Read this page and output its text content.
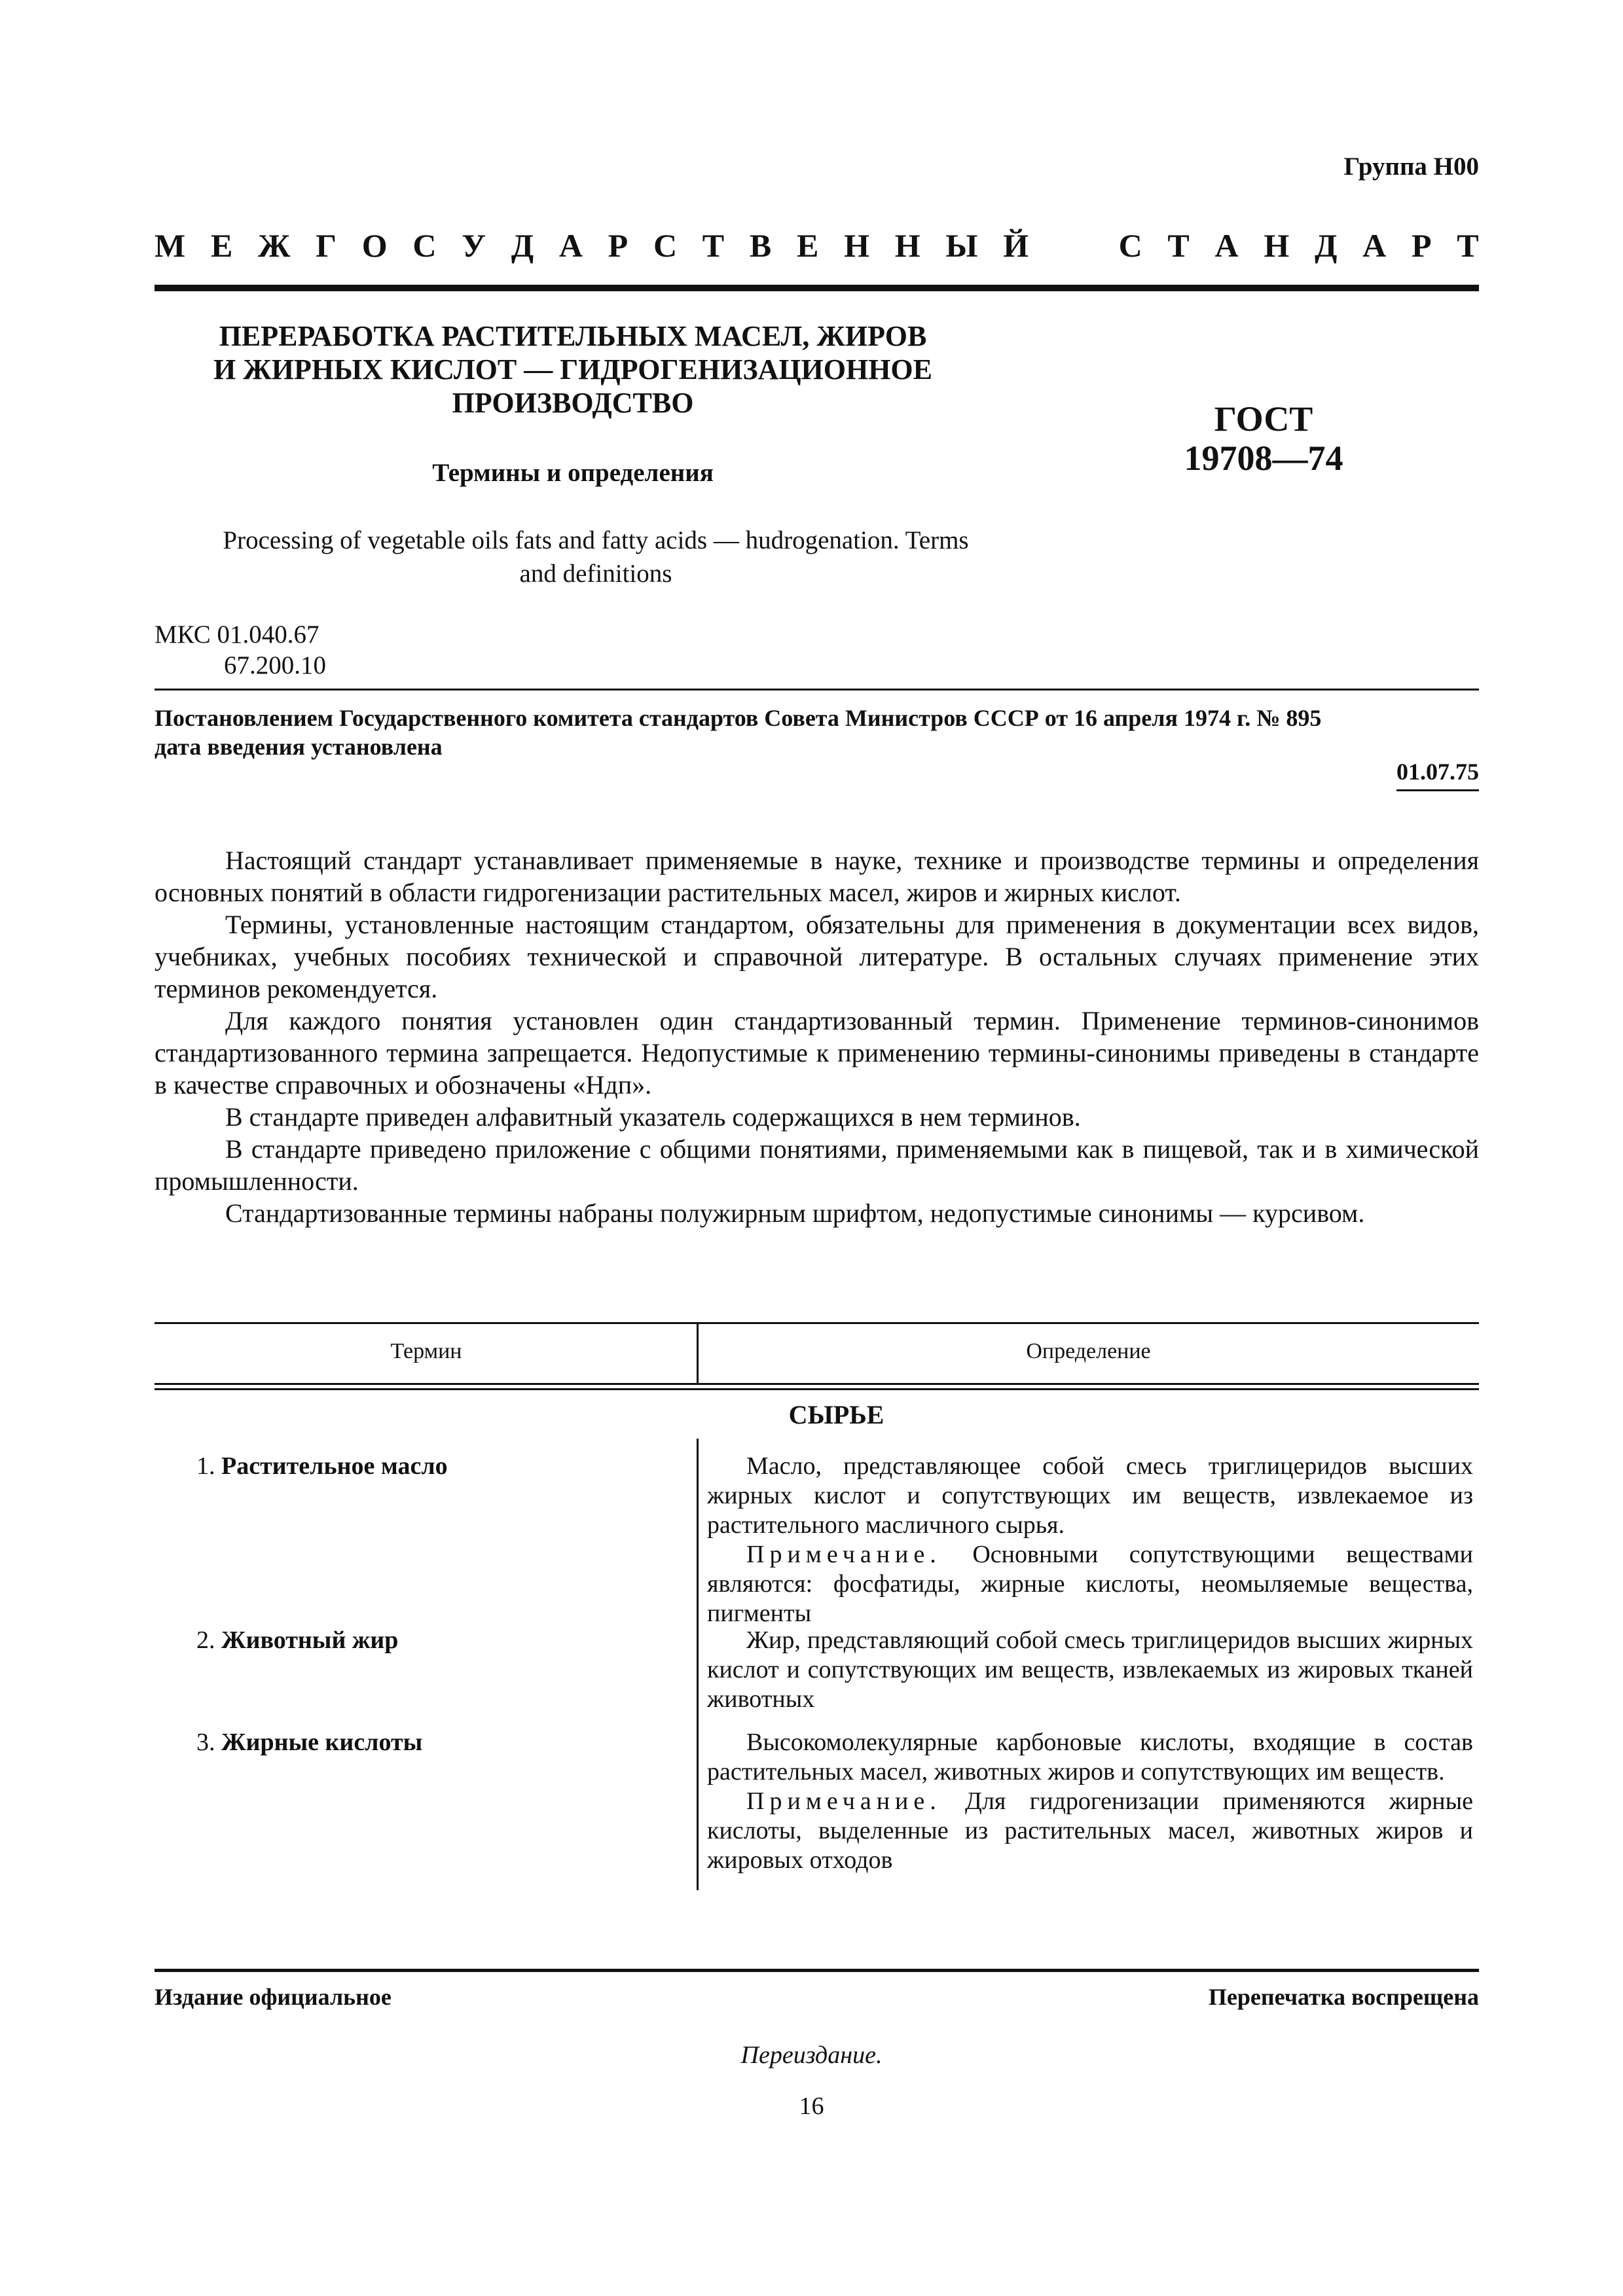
Группа Н00
М Е Ж Г О С У Д А Р С Т В Е Н Н Ы Й	С Т А Н Д А Р Т
ПЕРЕРАБОТКА РАСТИТЕЛЬНЫХ МАСЕЛ, ЖИРОВ
И ЖИРНЫХ КИСЛОТ — ГИДРОГЕНИЗАЦИОННОЕ
ПРОИЗВОДСТВО
Термины и определения
ГОСТ
19708—74
Processing of vegetable oils fats and fatty acids — hudrogenation. Terms
and definitions
МКС 01.040.67
67.200.10
Постановлением Государственного комитета стандартов Совета Министров СССР от 16 апреля 1974 г. № 895
дата введения установлена
01.07.75

Настоящий стандарт устанавливает применяемые в науке, технике и производстве термины и определения основных понятий в области гидрогенизации растительных масел, жиров и жирных кислот.

Термины, установленные настоящим стандартом, обязательны для применения в документации всех видов, учебниках, учебных пособиях технической и справочной литературе. В остальных случаях применение этих терминов рекомендуется.

Для каждого понятия установлен один стандартизованный термин. Применение терминов-синонимов стандартизованного термина запрещается. Недопустимые к применению термины-синонимы приведены в стандарте в качестве справочных и обозначены «Ндп».

В стандарте приведен алфавитный указатель содержащихся в нем терминов.

В стандарте приведено приложение с общими понятиями, применяемыми как в пищевой, так и в химической промышленности.

Стандартизованные термины набраны полужирным шрифтом, недопустимые синонимы — курсивом.

Термин	Определение
СЫРЬЕ
1. Растительное масло	Масло, представляющее собой смесь триглицеридов высших жирных кислот и сопутствующих им веществ, извлекаемое из растительного масличного сырья.

Примечание. Основными сопутствующими веществами являются: фосфатиды, жирные кислоты, неомыляемые вещества, пигменты

2. Животный жир	Жир, представляющий собой смесь триглицеридов высших жирных кислот и сопутствующих им веществ, извлекаемых из жировых тканей животных

3. Жирные кислоты	Высокомолекулярные карбоновые кислоты, входящие в состав растительных масел, животных жиров и сопутствующих им веществ.

Примечание. Для гидрогенизации применяются жирные кислоты, выделенные из растительных масел, животных жиров и жировых отходов

Издание официальное	Перепечатка воспрещена
Переиздание.
16
